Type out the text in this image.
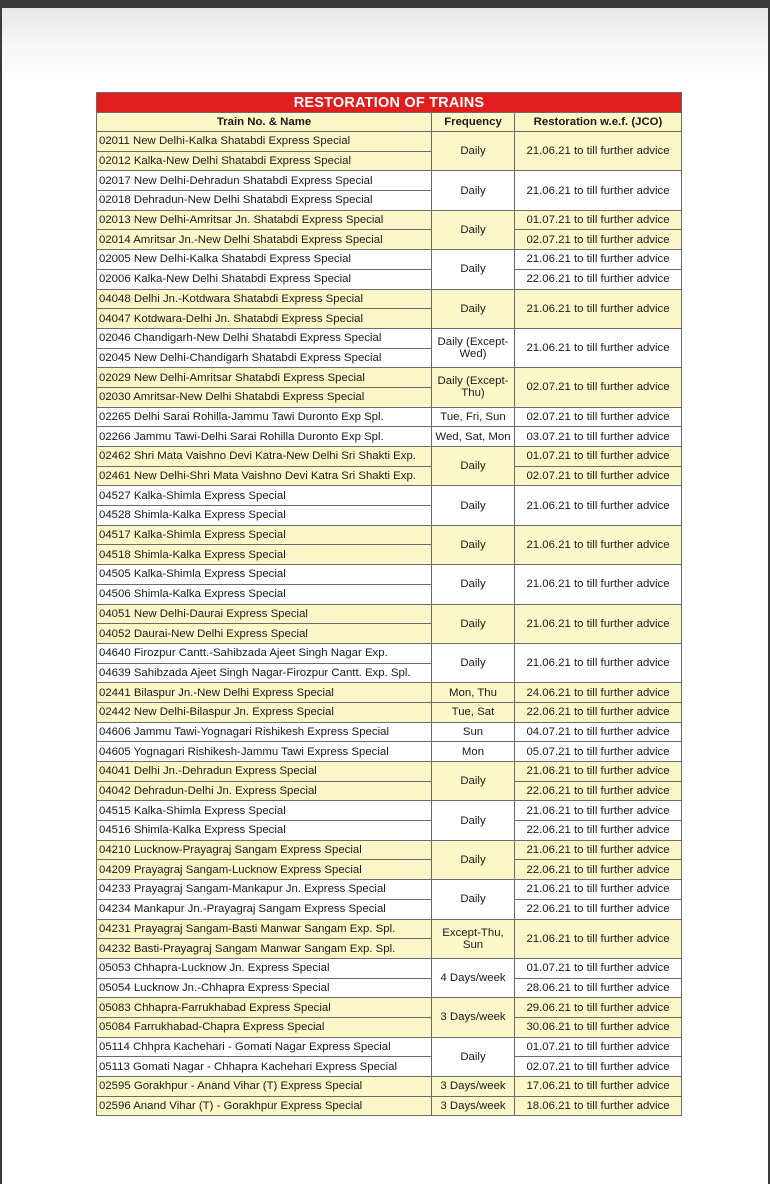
RESTORATION OF TRAINS		
Train No. & Name	Frequency	Restoration w.e.f. (JCO)
02011 New Delhi-Kalka Shatabdi Express Special	Daily	21.06.21 to till further advice
02012 Kalka-New Delhi Shatabdi Express Special		
02017 New Delhi-Dehradun Shatabdi Express Special	Daily	21.06.21 to till further advice
02018 Dehradun-New Delhi Shatabdi Express Special		
02013 New Delhi-Amritsar Jn. Shatabdi Express Special	Daily	01.07.21 to till further advice
02014 Amritsar Jn.-New Delhi Shatabdi Express Special		02.07.21 to till further advice
02005 New Delhi-Kalka Shatabdi Express Special	Daily	21.06.21 to till further advice
02006 Kalka-New Delhi Shatabdi Express Special		22.06.21 to till further advice
04048 Delhi Jn.-Kotdwara Shatabdi Express Special	Daily	21.06.21 to till further advice
04047 Kotdwara-Delhi Jn. Shatabdi Express Special		
02046 Chandigarh-New Delhi Shatabdi Express Special	Daily (Except-Wed)	21.06.21 to till further advice
02045 New Delhi-Chandigarh Shatabdi Express Special		
02029 New Delhi-Amritsar Shatabdi Express Special	Daily (Except-Thu)	02.07.21 to till further advice
02030 Amritsar-New Delhi Shatabdi Express Special		
02265 Delhi Sarai Rohilla-Jammu Tawi Duronto Exp Spl.	Tue, Fri, Sun	02.07.21 to till further advice
02266 Jammu Tawi-Delhi Sarai Rohilla Duronto Exp Spl.	Wed, Sat, Mon	03.07.21 to till further advice
02462 Shri Mata Vaishno Devi Katra-New Delhi Sri Shakti Exp.	Daily	01.07.21 to till further advice
02461 New Delhi-Shri Mata Vaishno Devi Katra Sri Shakti Exp.		02.07.21 to till further advice
04527 Kalka-Shimla Express Special	Daily	21.06.21 to till further advice
04528 Shimla-Kalka Express Special		
04517 Kalka-Shimla Express Special	Daily	21.06.21 to till further advice
04518 Shimla-Kalka Express Special		
04505 Kalka-Shimla Express Special	Daily	21.06.21 to till further advice
04506 Shimla-Kalka Express Special		
04051 New Delhi-Daurai Express Special	Daily	21.06.21 to till further advice
04052 Daurai-New Delhi Express Special		
04640 Firozpur Cantt.-Sahibzada Ajeet Singh Nagar Exp.	Daily	21.06.21 to till further advice
04639 Sahibzada Ajeet Singh Nagar-Firozpur Cantt. Exp. Spl.		
02441 Bilaspur Jn.-New Delhi Express Special	Mon, Thu	24.06.21 to till further advice
02442 New Delhi-Bilaspur Jn. Express Special	Tue, Sat	22.06.21 to till further advice
04606 Jammu Tawi-Yognagari Rishikesh Express Special	Sun	04.07.21 to till further advice
04605 Yognagari Rishikesh-Jammu Tawi Express Special	Mon	05.07.21 to till further advice
04041 Delhi Jn.-Dehradun Express Special	Daily	21.06.21 to till further advice
04042 Dehradun-Delhi Jn. Express Special		22.06.21 to till further advice
04515 Kalka-Shimla Express Special	Daily	21.06.21 to till further advice
04516 Shimla-Kalka Express Special		22.06.21 to till further advice
04210 Lucknow-Prayagraj Sangam Express Special	Daily	21.06.21 to till further advice
04209 Prayagraj Sangam-Lucknow Express Special		22.06.21 to till further advice
04233 Prayagraj Sangam-Mankapur Jn. Express Special	Daily	21.06.21 to till further advice
04234 Mankapur Jn.-Prayagraj Sangam Express Special		22.06.21 to till further advice
04231 Prayagraj Sangam-Basti Manwar Sangam Exp. Spl.	Except-Thu, Sun	21.06.21 to till further advice
04232 Basti-Prayagraj Sangam Manwar Sangam Exp. Spl.		
05053 Chhapra-Lucknow Jn. Express Special	4 Days/week	01.07.21 to till further advice
05054 Lucknow Jn.-Chhapra Express Special		28.06.21 to till further advice
05083 Chhapra-Farrukhabad Express Special	3 Days/week	29.06.21 to till further advice
05084 Farrukhabad-Chapra Express Special		30.06.21 to till further advice
05114 Chhpra Kachehari - Gomati Nagar Express Special	Daily	01.07.21 to till further advice
05113 Gomati Nagar - Chhapra Kachehari Express Special		02.07.21 to till further advice
02595 Gorakhpur - Anand Vihar (T) Express Special	3 Days/week	17.06.21 to till further advice
02596 Anand Vihar (T) - Gorakhpur Express Special	3 Days/week	18.06.21 to till further advice
